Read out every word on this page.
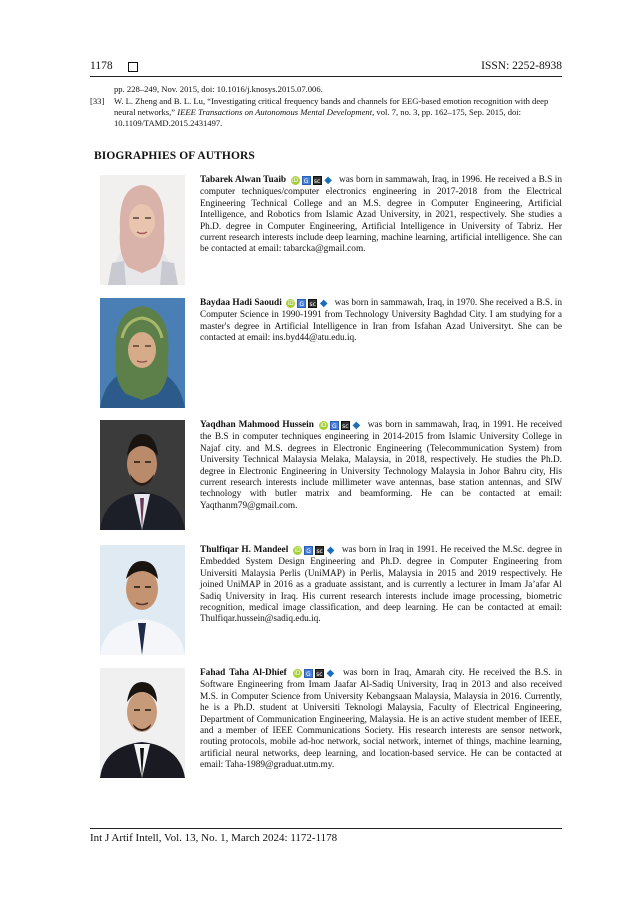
1178	ISSN: 2252-8938
pp. 228–249, Nov. 2015, doi: 10.1016/j.knosys.2015.07.006.
[33] W. L. Zheng and B. L. Lu, “Investigating critical frequency bands and channels for EEG-based emotion recognition with deep neural networks,” IEEE Transactions on Autonomous Mental Development, vol. 7, no. 3, pp. 162–175, Sep. 2015, doi: 10.1109/TAMD.2015.2431497.
BIOGRAPHIES OF AUTHORS
Tabarek Alwan Tuaib iD G sc ◆ was born in sammawah, Iraq, in 1996. He received a B.S in computer techniques/computer electronics engineering in 2017-2018 from the Electrical Engineering Technical College and an M.S. degree in Computer Engineering, Artificial Intelligence, and Robotics from Islamic Azad University, in 2021, respectively. She studies a Ph.D. degree in Computer Engineering, Artificial Intelligence in University of Tabriz. Her current research interests include deep learning, machine learning, artificial intelligence. She can be contacted at email: tabarcka@gmail.com.
Baydaa Hadi Saoudi iD G sc ◆ was born in sammawah, Iraq, in 1970. She received a B.S. in Computer Science in 1990-1991 from Technology University Baghdad City. I am studying for a master's degree in Artificial Intelligence in Iran from Isfahan Azad Universityt. She can be contacted at email: ins.byd44@atu.edu.iq.
Yaqdhan Mahmood Hussein iD G sc ◆ was born in sammawah, Iraq, in 1991. He received the B.S in computer techniques engineering in 2014-2015 from Islamic University College in Najaf city. and M.S. degrees in Electronic Engineering (Telecommunication System) from University Technical Malaysia Melaka, Malaysia, in 2018, respectively. He studies the Ph.D. degree in Electronic Engineering in University Technology Malaysia in Johor Bahru city, His current research interests include millimeter wave antennas, base station antennas, and SIW technology with butler matrix and beamforming. He can be contacted at email: Yaqthanm79@gmail.com.
Thulfiqar H. Mandeel iD G sc ◆ was born in Iraq in 1991. He received the M.Sc. degree in Embedded System Design Engineering and Ph.D. degree in Computer Engineering from Universiti Malaysia Perlis (UniMAP) in Perlis, Malaysia in 2015 and 2019 respectively. He joined UniMAP in 2016 as a graduate assistant, and is currently a lecturer in Imam Ja’afar Al Sadiq University in Iraq. His current research interests include image processing, biometric recognition, medical image classification, and deep learning. He can be contacted at email: Thulfiqar.hussein@sadiq.edu.iq.
Fahad Taha Al-Dhief iD G sc ◆ was born in Iraq, Amarah city. He received the B.S. in Software Engineering from Imam Jaafar Al-Sadiq University, Iraq in 2013 and also received M.S. in Computer Science from University Kebangsaan Malaysia, Malaysia in 2016. Currently, he is a Ph.D. student at Universiti Teknologi Malaysia, Faculty of Electrical Engineering, Department of Communication Engineering, Malaysia. He is an active student member of IEEE, and a member of IEEE Communications Society. His research interests are sensor network, routing protocols, mobile ad-hoc network, social network, internet of things, machine learning, artificial neural networks, deep learning, and location-based service. He can be contacted at email: Taha-1989@graduat.utm.my.
Int J Artif Intell, Vol. 13, No. 1, March 2024: 1172-1178
